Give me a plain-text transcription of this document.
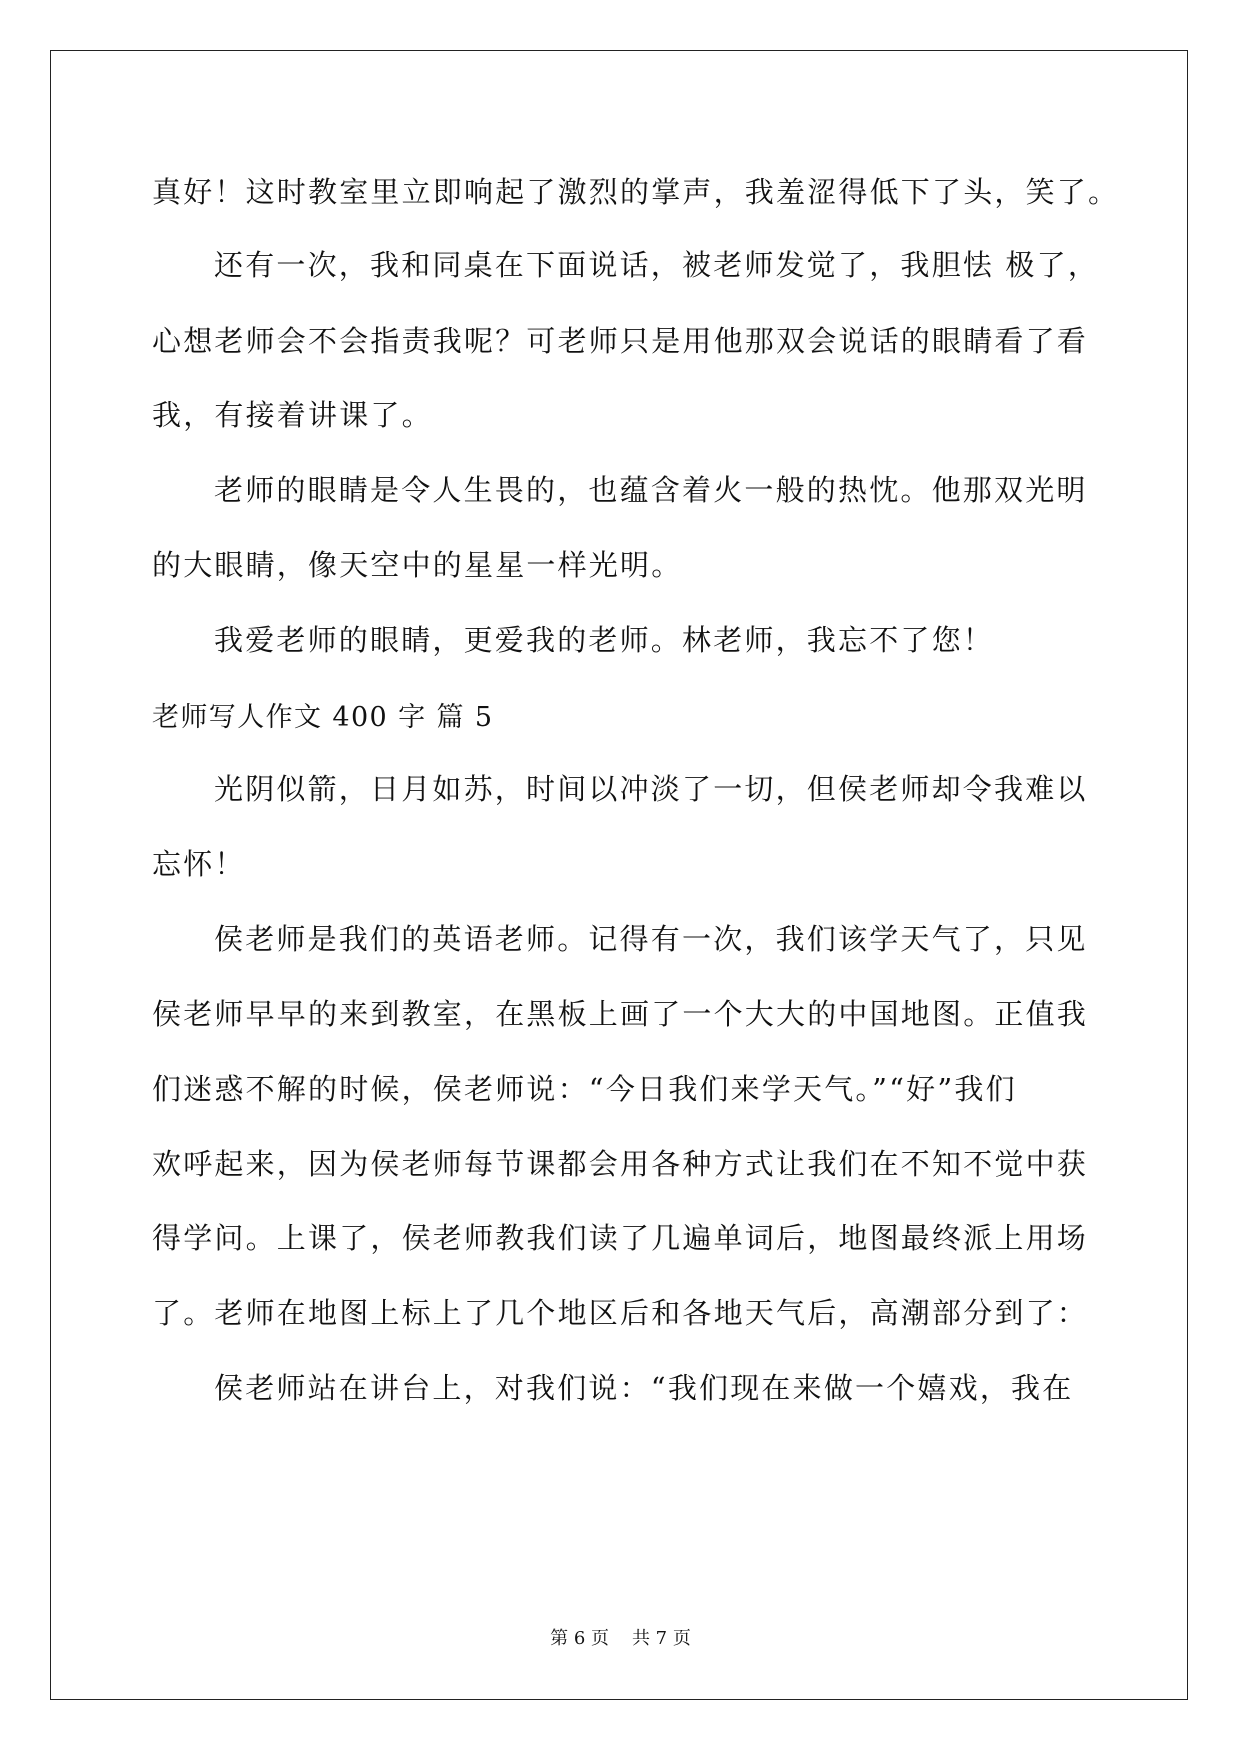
真好！这时教室里立即响起了激烈的掌声，我羞涩得低下了头，笑了。
还有一次，我和同桌在下面说话，被老师发觉了，我胆怯 极了，
心想老师会不会指责我呢？可老师只是用他那双会说话的眼睛看了看
我，有接着讲课了。
老师的眼睛是令人生畏的，也蕴含着火一般的热忱。他那双光明
的大眼睛，像天空中的星星一样光明。
我爱老师的眼睛，更爱我的老师。林老师，我忘不了您！
老师写人作文 400 字 篇 5
光阴似箭，日月如苏，时间以冲淡了一切，但侯老师却令我难以
忘怀！
侯老师是我们的英语老师。记得有一次，我们该学天气了，只见
侯老师早早的来到教室，在黑板上画了一个大大的中国地图。正值我
们迷惑不解的时候，侯老师说：“今日我们来学天气。”“好”我们
欢呼起来，因为侯老师每节课都会用各种方式让我们在不知不觉中获
得学问。上课了，侯老师教我们读了几遍单词后，地图最终派上用场
了。老师在地图上标上了几个地区后和各地天气后，高潮部分到了：
侯老师站在讲台上，对我们说：“我们现在来做一个嬉戏，我在
第 6 页    共 7 页
